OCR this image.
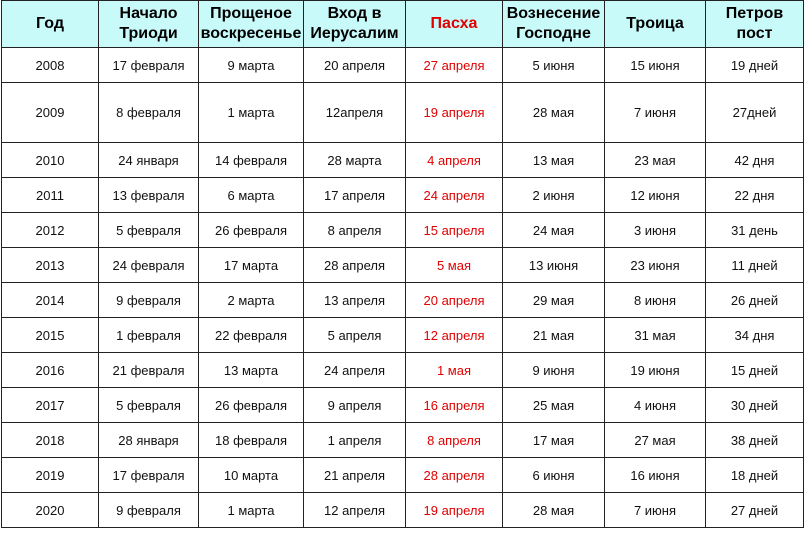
Год	Начало Триоди	Прощеное воскресенье	Вход в Иерусалим	Пасха	Вознесение Господне	Троица	Петров пост
2008	17 февраля	9 марта	20 апреля	27 апреля	5 июня	15 июня	19 дней
2009	8 февраля	1 марта	12апреля	19 апреля	28 мая	7 июня	27дней
2010	24 января	14 февраля	28 марта	4 апреля	13 мая	23 мая	42 дня
2011	13 февраля	6 марта	17 апреля	24 апреля	2 июня	12 июня	22 дня
2012	5 февраля	26 февраля	8 апреля	15 апреля	24 мая	3 июня	31 день
2013	24 февраля	17 марта	28 апреля	5 мая	13 июня	23 июня	11 дней
2014	9 февраля	2 марта	13 апреля	20 апреля	29 мая	8 июня	26 дней
2015	1 февраля	22 февраля	5 апреля	12 апреля	21 мая	31 мая	34 дня
2016	21 февраля	13 марта	24 апреля	1 мая	9 июня	19 июня	15 дней
2017	5 февраля	26 февраля	9 апреля	16 апреля	25 мая	4 июня	30 дней
2018	28 января	18 февраля	1 апреля	8 апреля	17 мая	27 мая	38 дней
2019	17 февраля	10 марта	21 апреля	28 апреля	6 июня	16 июня	18 дней
2020	9 февраля	1 марта	12 апреля	19 апреля	28 мая	7 июня	27 дней
